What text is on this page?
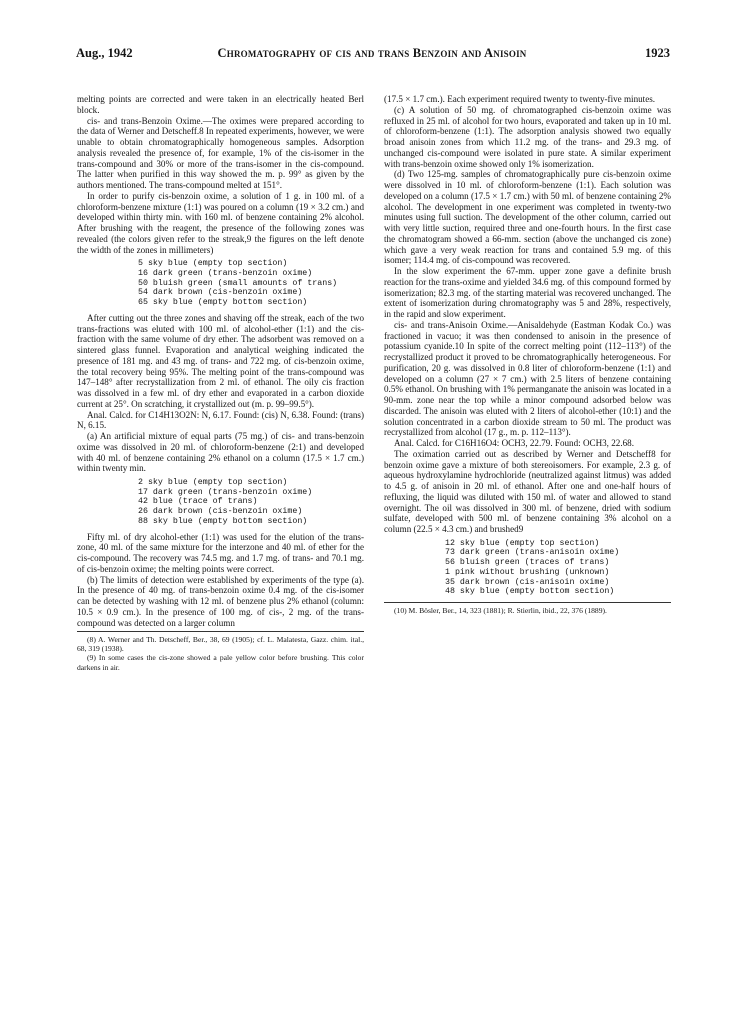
Aug., 1942	Chromatography of cis and trans Benzoin and Anisoin	1923

melting points are corrected and were taken in an electrically heated Berl block.

cis- and trans-Benzoin Oxime.—The oximes were prepared according to the data of Werner and Detscheff.8 In repeated experiments, however, we were unable to obtain chromatographically homogeneous samples. Adsorption analysis revealed the presence of, for example, 1% of the cis-isomer in the trans-compound and 30% or more of the trans-isomer in the cis-compound. The latter when purified in this way showed the m. p. 99° as given by the authors mentioned. The trans-compound melted at 151°.

In order to purify cis-benzoin oxime, a solution of 1 g. in 100 ml. of a chloroform-benzene mixture (1:1) was poured on a column (19 × 3.2 cm.) and developed within thirty min. with 160 ml. of benzene containing 2% alcohol. After brushing with the reagent, the presence of the following zones was revealed (the colors given refer to the streak,9 the figures on the left denote the width of the zones in millimeters)

5 sky blue (empty top section)
16 dark green (trans-benzoin oxime)
50 bluish green (small amounts of trans)
54 dark brown (cis-benzoin oxime)
65 sky blue (empty bottom section)

After cutting out the three zones and shaving off the streak, each of the two trans-fractions was eluted with 100 ml. of alcohol-ether (1:1) and the cis-fraction with the same volume of dry ether. The adsorbent was removed on a sintered glass funnel. Evaporation and analytical weighing indicated the presence of 181 mg. and 43 mg. of trans- and 722 mg. of cis-benzoin oxime, the total recovery being 95%. The melting point of the trans-compound was 147–148° after recrystallization from 2 ml. of ethanol. The oily cis fraction was dissolved in a few ml. of dry ether and evaporated in a carbon dioxide current at 25°. On scratching, it crystallized out (m. p. 99–99.5°).

Anal. Calcd. for C14H13O2N: N, 6.17. Found: (cis) N, 6.38. Found: (trans) N, 6.15.

(a) An artificial mixture of equal parts (75 mg.) of cis- and trans-benzoin oxime was dissolved in 20 ml. of chloroform-benzene (2:1) and developed with 40 ml. of benzene containing 2% ethanol on a column (17.5 × 1.7 cm.) within twenty min.

2 sky blue (empty top section)
17 dark green (trans-benzoin oxime)
42 blue (trace of trans)
26 dark brown (cis-benzoin oxime)
88 sky blue (empty bottom section)

Fifty ml. of dry alcohol-ether (1:1) was used for the elution of the trans-zone, 40 ml. of the same mixture for the interzone and 40 ml. of ether for the cis-compound. The recovery was 74.5 mg. and 1.7 mg. of trans- and 70.1 mg. of cis-benzoin oxime; the melting points were correct.

(b) The limits of detection were established by experiments of the type (a). In the presence of 40 mg. of trans-benzoin oxime 0.4 mg. of the cis-isomer can be detected by washing with 12 ml. of benzene plus 2% ethanol (column: 10.5 × 0.9 cm.). In the presence of 100 mg. of cis-, 2 mg. of the trans-compound was detected on a larger column

(8) A. Werner and Th. Detscheff, Ber., 38, 69 (1905); cf. L. Malatesta, Gazz. chim. ital., 68, 319 (1938).
(9) In some cases the cis-zone showed a pale yellow color before brushing. This color darkens in air.

(17.5 × 1.7 cm.). Each experiment required twenty to twenty-five minutes.

(c) A solution of 50 mg. of chromatographed cis-benzoin oxime was refluxed in 25 ml. of alcohol for two hours, evaporated and taken up in 10 ml. of chloroform-benzene (1:1). The adsorption analysis showed two equally broad anisoin zones from which 11.2 mg. of the trans- and 29.3 mg. of unchanged cis-compound were isolated in pure state. A similar experiment with trans-benzoin oxime showed only 1% isomerization.

(d) Two 125-mg. samples of chromatographically pure cis-benzoin oxime were dissolved in 10 ml. of chloroform-benzene (1:1). Each solution was developed on a column (17.5 × 1.7 cm.) with 50 ml. of benzene containing 2% alcohol. The development in one experiment was completed in twenty-two minutes using full suction. The development of the other column, carried out with very little suction, required three and one-fourth hours. In the first case the chromatogram showed a 66-mm. section (above the unchanged cis zone) which gave a very weak reaction for trans and contained 5.9 mg. of this isomer; 114.4 mg. of cis-compound was recovered.

In the slow experiment the 67-mm. upper zone gave a definite brush reaction for the trans-oxime and yielded 34.6 mg. of this compound formed by isomerization; 82.3 mg. of the starting material was recovered unchanged. The extent of isomerization during chromatography was 5 and 28%, respectively, in the rapid and slow experiment.

cis- and trans-Anisoin Oxime.—Anisaldehyde (Eastman Kodak Co.) was fractioned in vacuo; it was then condensed to anisoin in the presence of potassium cyanide.10 In spite of the correct melting point (112–113°) of the recrystallized product it proved to be chromatographically heterogeneous. For purification, 20 g. was dissolved in 0.8 liter of chloroform-benzene (1:1) and developed on a column (27 × 7 cm.) with 2.5 liters of benzene containing 0.5% ethanol. On brushing with 1% permanganate the anisoin was located in a 90-mm. zone near the top while a minor compound adsorbed below was discarded. The anisoin was eluted with 2 liters of alcohol-ether (10:1) and the solution concentrated in a carbon dioxide stream to 50 ml. The product was recrystallized from alcohol (17 g., m. p. 112–113°).

Anal. Calcd. for C16H16O4: OCH3, 22.79. Found: OCH3, 22.68.

The oximation carried out as described by Werner and Detscheff8 for benzoin oxime gave a mixture of both stereoisomers. For example, 2.3 g. of aqueous hydroxylamine hydrochloride (neutralized against litmus) was added to 4.5 g. of anisoin in 20 ml. of ethanol. After one and one-half hours of refluxing, the liquid was diluted with 150 ml. of water and allowed to stand overnight. The oil was dissolved in 300 ml. of benzene, dried with sodium sulfate, developed with 500 ml. of benzene containing 3% alcohol on a column (22.5 × 4.3 cm.) and brushed9

12 sky blue (empty top section)
73 dark green (trans-anisoin oxime)
56 bluish green (traces of trans)
1 pink without brushing (unknown)
35 dark brown (cis-anisoin oxime)
48 sky blue (empty bottom section)
(10) M. Bösler, Ber., 14, 323 (1881); R. Stierlin, ibid., 22, 376 (1889).
